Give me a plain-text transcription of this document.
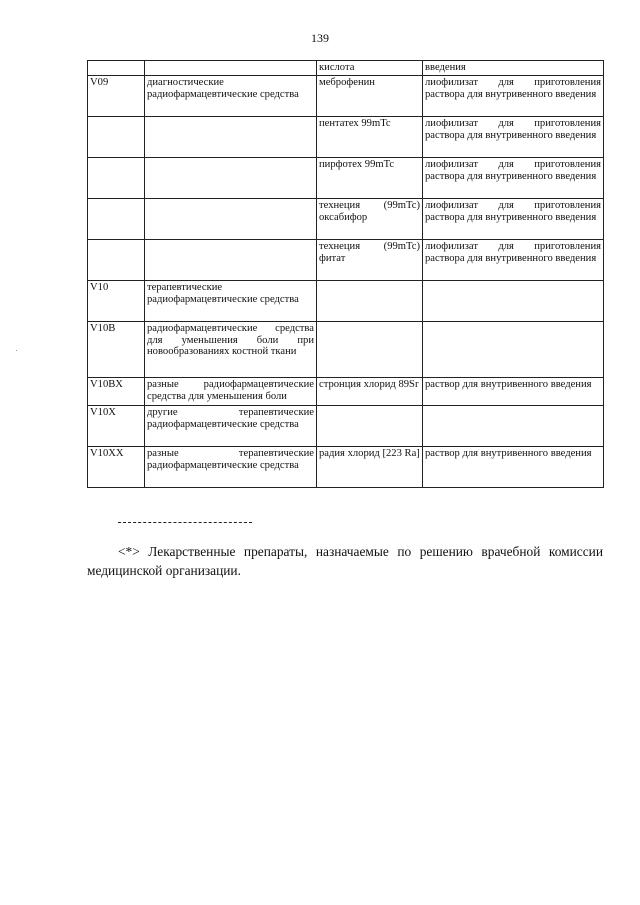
139
		кислота	введения
V09	диагностические радиофармацевтические средства	меброфенин	лиофилизат для приготовления раствора для внутривенного введения
		пентатех 99mTc	лиофилизат для приготовления раствора для внутривенного введения
		пирфотех 99mTc	лиофилизат для приготовления раствора для внутривенного введения
		технеция (99mTc) оксабифор	лиофилизат для приготовления раствора для внутривенного введения
		технеция (99mTc) фитат	лиофилизат для приготовления раствора для внутривенного введения
V10	терапевтические радиофармацевтические средства		
V10B	радиофармацевтические средства для уменьшения боли при новообразованиях костной ткани		
V10BX	разные радиофармацевтические средства для уменьшения боли	стронция хлорид 89Sr	раствор для внутривенного введения
V10X	другие терапевтические радиофармацевтические средства		
V10XX	разные терапевтические радиофармацевтические средства	радия хлорид [223 Ra]	раствор для внутривенного введения

<*> Лекарственные препараты, назначаемые по решению врачебной комиссии медицинской организации.
